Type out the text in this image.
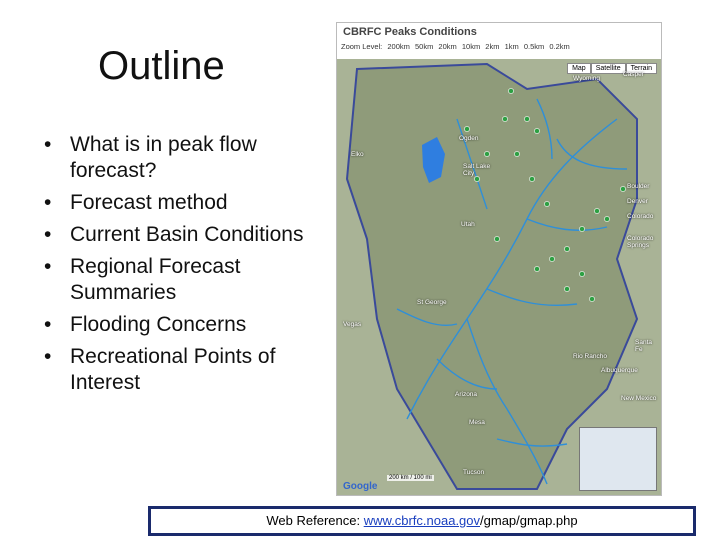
Outline
• What is in peak flow forecast?
• Forecast method
• Current Basin Conditions
• Regional Forecast Summaries
• Flooding Concerns
• Recreational Points of Interest
CBRFC Peaks Conditions
Zoom Level: 200km 50km 20km 10km 2km 1km 0.5km 0.2km
Map	Satellite	Terrain
Wyoming
Elko
Ogden
Salt Lake City
Utah
Boulder
Denver
Colorado
Colorado Springs
St George
Vegas
Santa Fe
Rio Rancho
Albuquerque
New Mexico
Arizona
Mesa
Tucson
Casper
200 km / 100 mi
Google
Web Reference: www.cbrfc.noaa.gov/gmap/gmap.php
